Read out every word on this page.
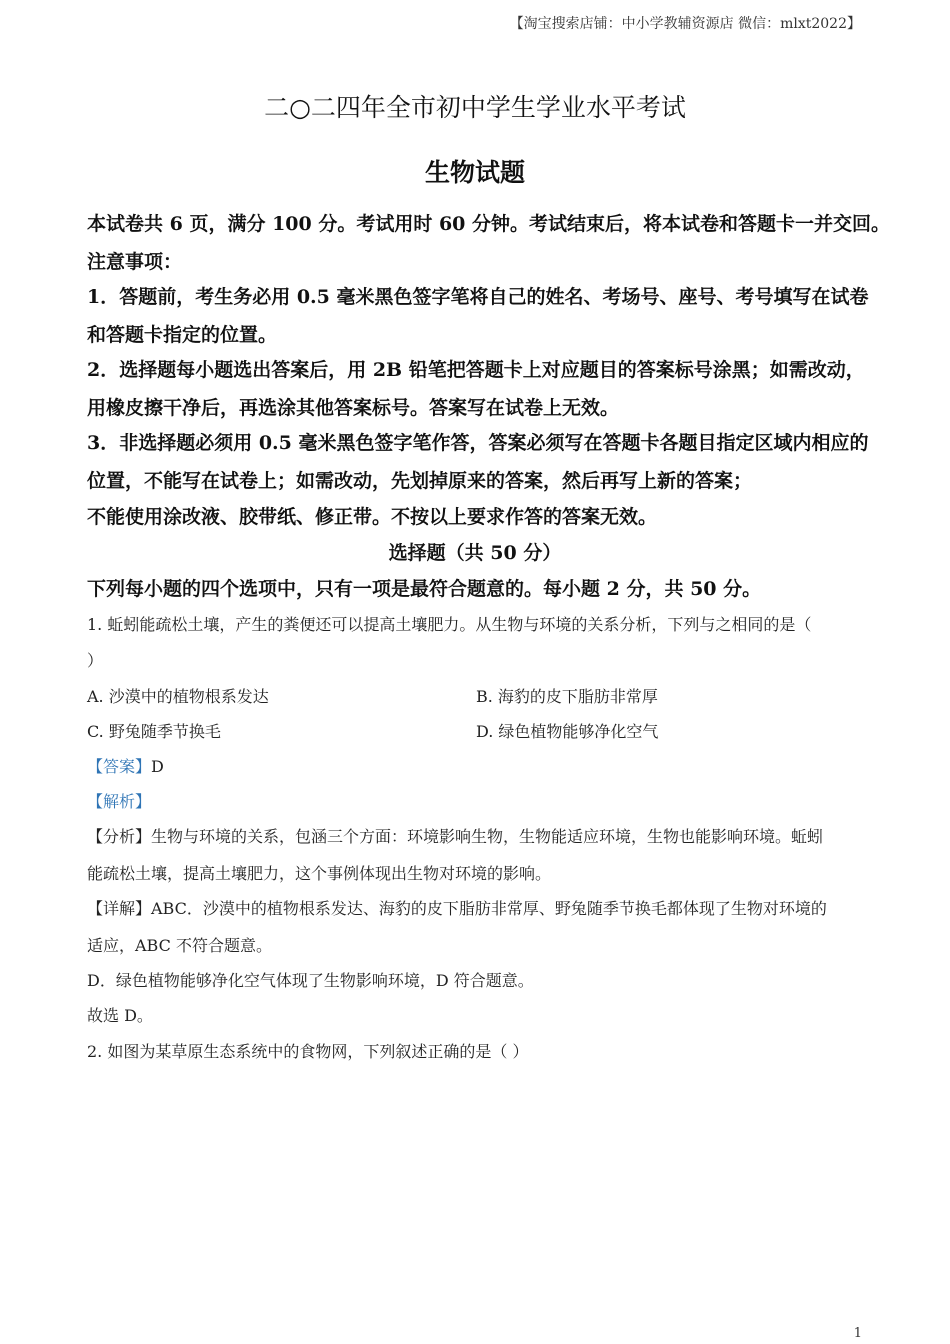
【淘宝搜索店铺：中小学教辅资源店 微信：mlxt2022】
二○二四年全市初中学生学业水平考试
生物试题
本试卷共 6 页，满分 100 分。考试用时 60 分钟。考试结束后，将本试卷和答题卡一并交回。
注意事项：
1．答题前，考生务必用 0.5 毫米黑色签字笔将自己的姓名、考场号、座号、考号填写在试卷
和答题卡指定的位置。
2．选择题每小题选出答案后，用 2B 铅笔把答题卡上对应题目的答案标号涂黑；如需改动，
用橡皮擦干净后，再选涂其他答案标号。答案写在试卷上无效。
3．非选择题必须用 0.5 毫米黑色签字笔作答，答案必须写在答题卡各题目指定区域内相应的
位置，不能写在试卷上；如需改动，先划掉原来的答案，然后再写上新的答案；
不能使用涂改液、胶带纸、修正带。不按以上要求作答的答案无效。
选择题（共 50 分）
下列每小题的四个选项中，只有一项是最符合题意的。每小题 2 分，共 50 分。
1. 蚯蚓能疏松土壤，产生的粪便还可以提高土壤肥力。从生物与环境的关系分析，下列与之相同的是（
）
A. 沙漠中的植物根系发达	B. 海豹的皮下脂肪非常厚
C. 野兔随季节换毛	D. 绿色植物能够净化空气
【答案】D
【解析】
【分析】生物与环境的关系，包涵三个方面：环境影响生物，生物能适应环境，生物也能影响环境。蚯蚓
能疏松土壤，提高土壤肥力，这个事例体现出生物对环境的影响。
【详解】ABC．沙漠中的植物根系发达、海豹的皮下脂肪非常厚、野兔随季节换毛都体现了生物对环境的
适应，ABC 不符合题意。
D．绿色植物能够净化空气体现了生物影响环境，D 符合题意。
故选 D。
2. 如图为某草原生态系统中的食物网，下列叙述正确的是（ ）
1
